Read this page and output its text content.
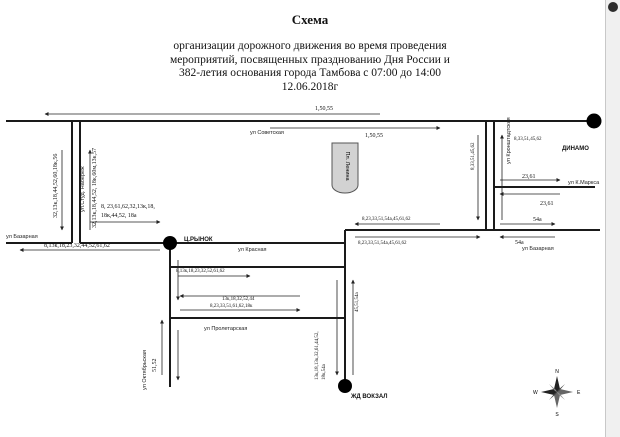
Схема
организации дорожного движения во время проведения
мероприятий, посвященных празднованию Дня России и
382-летия основания города Тамбова с 07:00 до 14:00
12.06.2018г
Пл. Ленина
ул Советская
ул Базарная
ул Базарная
ул Красная
ул Пролетарская
ул Октябрьская
ул.Студ. Набереж	ул К.Маркса
ул Кронштадтская	ДИНАМО
Ц.РЫНОК
ЖД ВОКЗАЛ
1,50,55
1,50,55
32,13к,18,44,52,60,18к,56	32,13к,18,44,52, 18к,60м,13к,57 8, 23,61,62,32,13к,18,
18к,44,52, 18а
8,13к,18,23,32,44,52,61,62
8,13к,18,23,32,52,61,62
8,23,33,51,54а,45,61,62
8,23,33,51,54а,45,61,62
8,33,51,45,62
8,33,51,45,62
23,61
23,61
54а
54а
13к,18,32,52,44
8,23,33,51,61,62,18к	45,51,54а
13к,18,13к,32,61,44,52, 18к,54а
51,52	N
S
E
W
